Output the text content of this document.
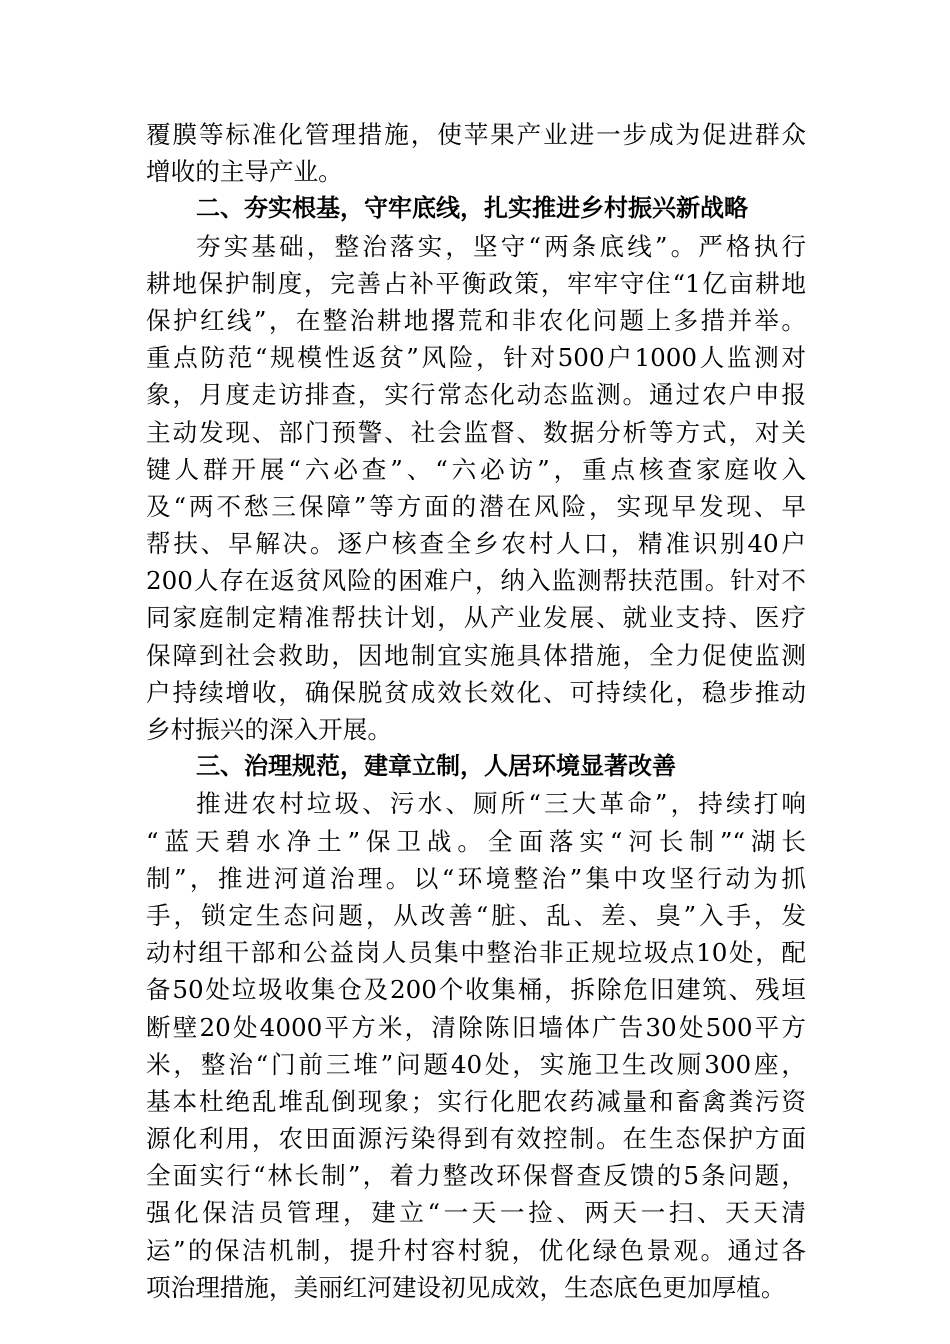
覆膜等标准化管理措施，使苹果产业进一步成为促进群众
增收的主导产业。
二、夯实根基，守牢底线，扎实推进乡村振兴新战略
夯实基础，整治落实，坚守“两条底线”。严格执行
耕地保护制度，完善占补平衡政策，牢牢守住“1亿亩耕地
保护红线”，在整治耕地撂荒和非农化问题上多措并举。
重点防范“规模性返贫”风险，针对500户1000人监测对
象，月度走访排查，实行常态化动态监测。通过农户申报
主动发现、部门预警、社会监督、数据分析等方式，对关
键人群开展“六必查”、“六必访”，重点核查家庭收入
及“两不愁三保障”等方面的潜在风险，实现早发现、早
帮扶、早解决。逐户核查全乡农村人口，精准识别40户
200人存在返贫风险的困难户，纳入监测帮扶范围。针对不
同家庭制定精准帮扶计划，从产业发展、就业支持、医疗
保障到社会救助，因地制宜实施具体措施，全力促使监测
户持续增收，确保脱贫成效长效化、可持续化，稳步推动
乡村振兴的深入开展。
三、治理规范，建章立制，人居环境显著改善
推进农村垃圾、污水、厕所“三大革命”，持续打响
“蓝天碧水净土”保卫战。全面落实“河长制”“湖长
制”，推进河道治理。以“环境整治”集中攻坚行动为抓
手，锁定生态问题，从改善“脏、乱、差、臭”入手，发
动村组干部和公益岗人员集中整治非正规垃圾点10处，配
备50处垃圾收集仓及200个收集桶，拆除危旧建筑、残垣
断壁20处4000平方米，清除陈旧墙体广告30处500平方
米，整治“门前三堆”问题40处，实施卫生改厕300座，
基本杜绝乱堆乱倒现象；实行化肥农药减量和畜禽粪污资
源化利用，农田面源污染得到有效控制。在生态保护方面
全面实行“林长制”，着力整改环保督查反馈的5条问题，
强化保洁员管理，建立“一天一捡、两天一扫、天天清
运”的保洁机制，提升村容村貌，优化绿色景观。通过各
项治理措施，美丽红河建设初见成效，生态底色更加厚植。
